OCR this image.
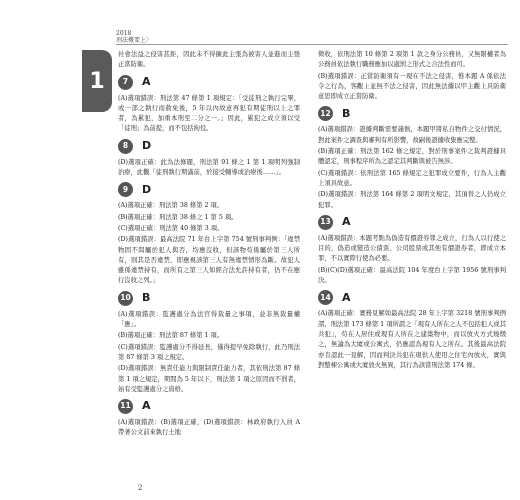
2018
刑法概要上〉
1

社會法益之侵害甚鉅，因此未不得擴此主張為被害人並進而主張正當防衛。

7	A

(A)選項錯誤：刑法第 47 條第 1 項規定：「受徒刑之執行完畢，或一部之執行而赦免後，5 年以內故意再犯有期徒刑以上之罪者，為累犯，加重本刑至二分之一。」因此，累犯之成立須以受「徒刑」為前提，而不包括拘役。

8	D

(D)選項正確：此為法條題，刑法第 91 條之 1 第 1 項明列強制治療，此觀「徒刑執行期滿前，於接受輔導或治療後……」。

9	D

(A)選項正確：刑法第 38 條第 2 項。

(B)選項正確：刑法第 38 條之 1 第 5 項。

(C)選項正確：刑法第 40 條第 3 項。

(D)選項錯誤：最高法院 71 年台上字第 754 號刑事判例：「違禁物固不問屬於犯人與否，均應沒收，但該物苟係屬於第三人所有，則其是否違禁，即應視該第三人有無違禁情形為斷。故犯人雖係違禁持有，而所有之第三人如經合法允許持有者，仍不在應行沒收之列。」

10 B

(A)選項錯誤：監護處分為法官得裁量之事項，並非無裁量權「應」。

(B)選項正確：刑法第 87 條第 1 項。

(C)選項錯誤：監護處分不得延長，僅得提早免除執行，此乃刑法第 87 條第 3 項之規定。

(D)選項錯誤：無責任能力與限制責任能力者，其依刑法第 87 條第 1 項之規定，期間為 5 年以下，刑法第 1 項之原因而不罰者，始有受監護處分之資格。

11 A

(A)選項錯誤：(B)選項正確，(D)選項錯誤：林政府執行人員 A 帶著公文前來執行土地

徵收，依刑法第 10 條第 2 項第 1 款之身分公務員，又無限權者為公務員依法執行職務應加以處罰之形式之合法性而可。

(B)選項錯誤：正當防衛須有一現在不法之侵害，惟本題 A 係依法令之行為，客觀上並無不法之侵害，因此無法據以甲主觀上具防衛意思即成立正當防衛。

12 B

(A)選項錯誤：證據判斷需要謹慎，本題甲將私自物件之交付情況，對此案件之調查與審判有所影響，故嗣後證據收集應完整。

(B)選項正確：刑法第 162 條之規定，對於刑事案件之裁判證據具體認定，刑事程序所為之認定其判斷與被告無涉。

(C)選項錯誤：依刑法第 165 條規定之犯罪成立要件，行為人主觀上須具故意。

(D)選項錯誤：刑法第 164 條第 2 項明文規定，其頂替之人仍成立犯罪。

13 A

(A)選項錯誤：本題考點為偽造有價證券罪之成立，行為人以行使之目的，偽造或變造公債票、公司股票或其他有價證券者，即成立本罪，不以實際行使為必要。

(B)(C)(D)選項正確：最高法院 104 年度台上字第 1956 號刑事判決。

14 A

(A)選項正確：實務見解如最高法院 28 年上字第 3218 號刑事判例謂，刑法第 173 條第 1 項所謂之「現有人所在之人不包括犯人或其共犯」，苟在人居住或現有人所在之建築物中，而以放火方式燒燬之，無論為大廈或公寓式，仍應認為現有人之所在。其後最高法院亦肯認此一見解，因而判決共犯在現供人使用之住宅內放火，實與對整棟公寓或大廈放火無異，其行為該當刑法第 174 條。

2
